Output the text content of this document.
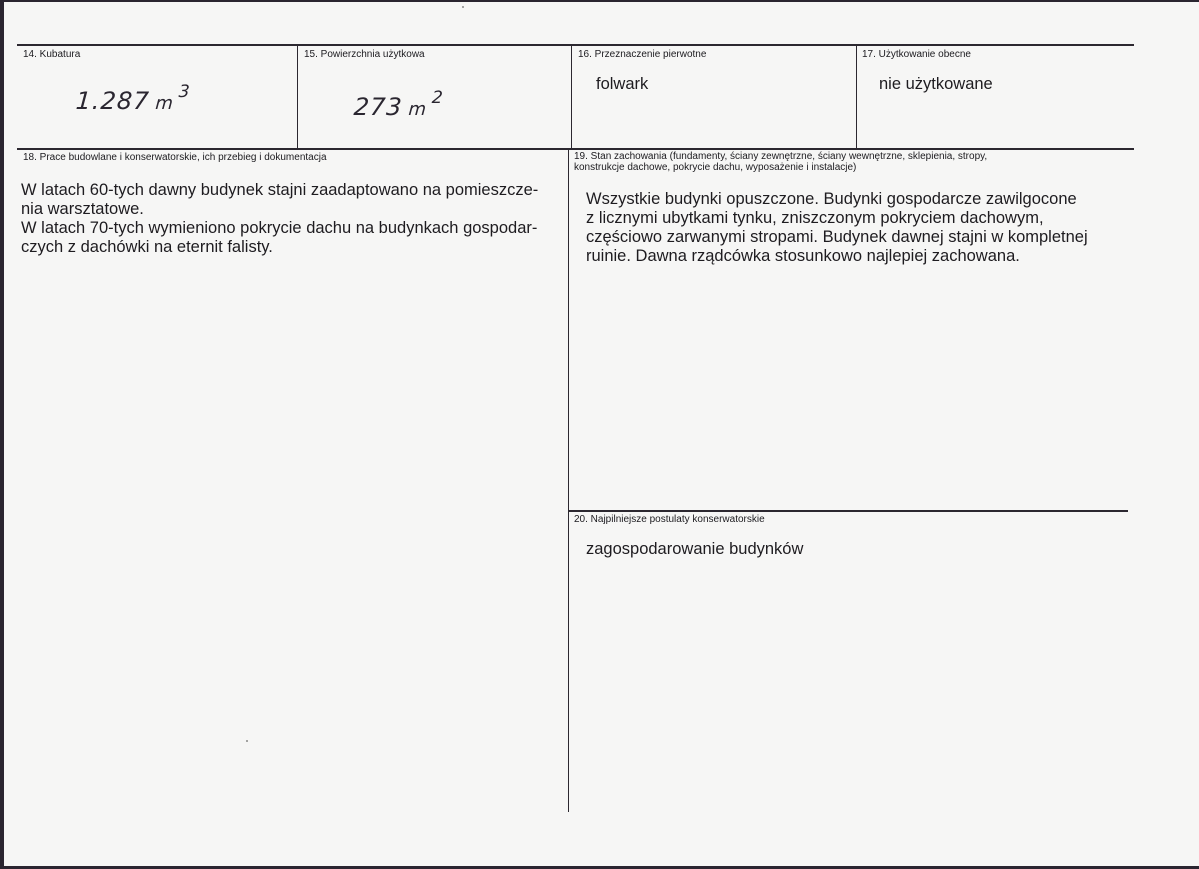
14. Kubatura
1.287 $m^3$
15. Powierzchnia użytkowa
273 $m^2$
16. Przeznaczenie pierwotne
folwark
17. Użytkowanie obecne
nie użytkowane
18. Prace budowlane i konserwatorskie, ich przebieg i dokumentacja
W latach 60-tych dawny budynek stajni zaadaptowano na pomieszcze-
nia warsztatowe.
W latach 70-tych wymieniono pokrycie dachu na budynkach gospodar-
czych z dachówki na eternit falisty.
19. Stan zachowania (fundamenty, ściany zewnętrzne, ściany wewnętrzne, sklepienia, stropy,
konstrukcje dachowe, pokrycie dachu, wyposażenie i instalacje)
Wszystkie budynki opuszczone. Budynki gospodarcze zawilgocone
z licznymi ubytkami tynku, zniszczonym pokryciem dachowym,
częściowo zarwanymi stropami. Budynek dawnej stajni w kompletnej
ruinie. Dawna rządcówka stosunkowo najlepiej zachowana.
20. Najpilniejsze postulaty konserwatorskie
zagospodarowanie budynków
